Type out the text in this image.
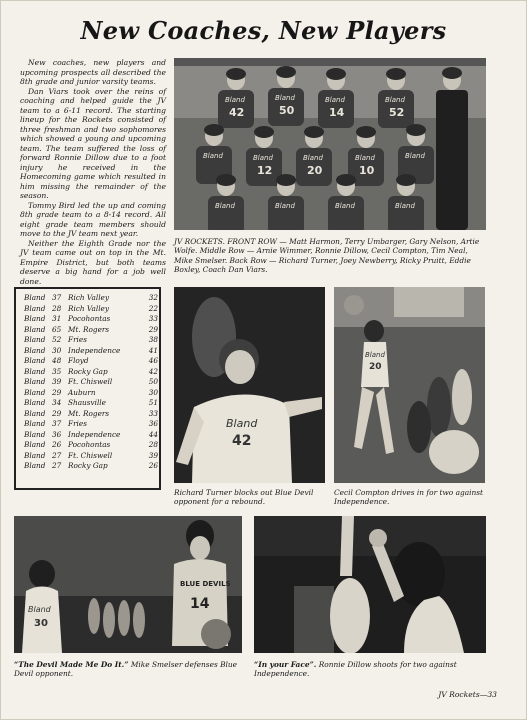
New Coaches, New Players

New coaches, new players and upcoming prospects all described the 8th grade and junior varsity teams.

Dan Viars took over the reins of coaching and helped guide the JV team to a 6-11 record. The starting lineup for the Rockets consisted of three freshman and two sophomores which showed a young and upcoming team. The team suffered the loss of forward Ronnie Dillow due to a foot injury he received in the Homecoming game which resulted in him missing the remainder of the season.

Tommy Bird led the up and coming 8th grade team to a 8-14 record. All eight grade team members should move to the JV team next year.

Neither the Eighth Grade nor the JV team came out on top in the Mt. Empire District, but both teams deserve a big hand for a job well done.

Bland
42
Bland
50
Bland
14
Bland
52
Bland	Bland
12
Bland
20
Bland
10
Bland
Bland	Bland	Bland	Bland
JV ROCKETS. FRONT ROW — Matt Harmon, Terry Umbarger, Gary Nelson, Artie Wolfe. Middle Row — Arnie Wimmer, Ronnie Dillow, Cecil Compton, Tim Neal, Mike Smelser. Back Row — Richard Turner, Joey Newberry, Ricky Pruitt, Eddie Boxley, Coach Dan Viars.
Bland	37	Rich Valley	32
Bland	28	Rich Valley	22
Bland	31	Pocohontas	33
Bland	65	Mt. Rogers	29
Bland	52	Fries	38
Bland	30	Independence	41
Bland	48	Floyd	46
Bland	35	Rocky Gap	42
Bland	39	Ft. Chiswell	50
Bland	29	Auburn	30
Bland	34	Shausville	51
Bland	29	Mt. Rogers	33
Bland	37	Fries	36
Bland	36	Independence	44
Bland	26	Pocohontas	28
Bland	27	Ft. Chiswell	39
Bland	27	Rocky Gap	26
Bland
42
Richard Turner blocks out Blue Devil opponent for a rebound.
Bland
20
Cecil Compton drives in for two against Independence.
Bland
30
BLUE DEVILS
14
“The Devil Made Me Do It.” Mike Smelser defenses Blue Devil opponent.
“In your Face”. Ronnie Dillow shoots for two against Independence.
JV Rockets—33
